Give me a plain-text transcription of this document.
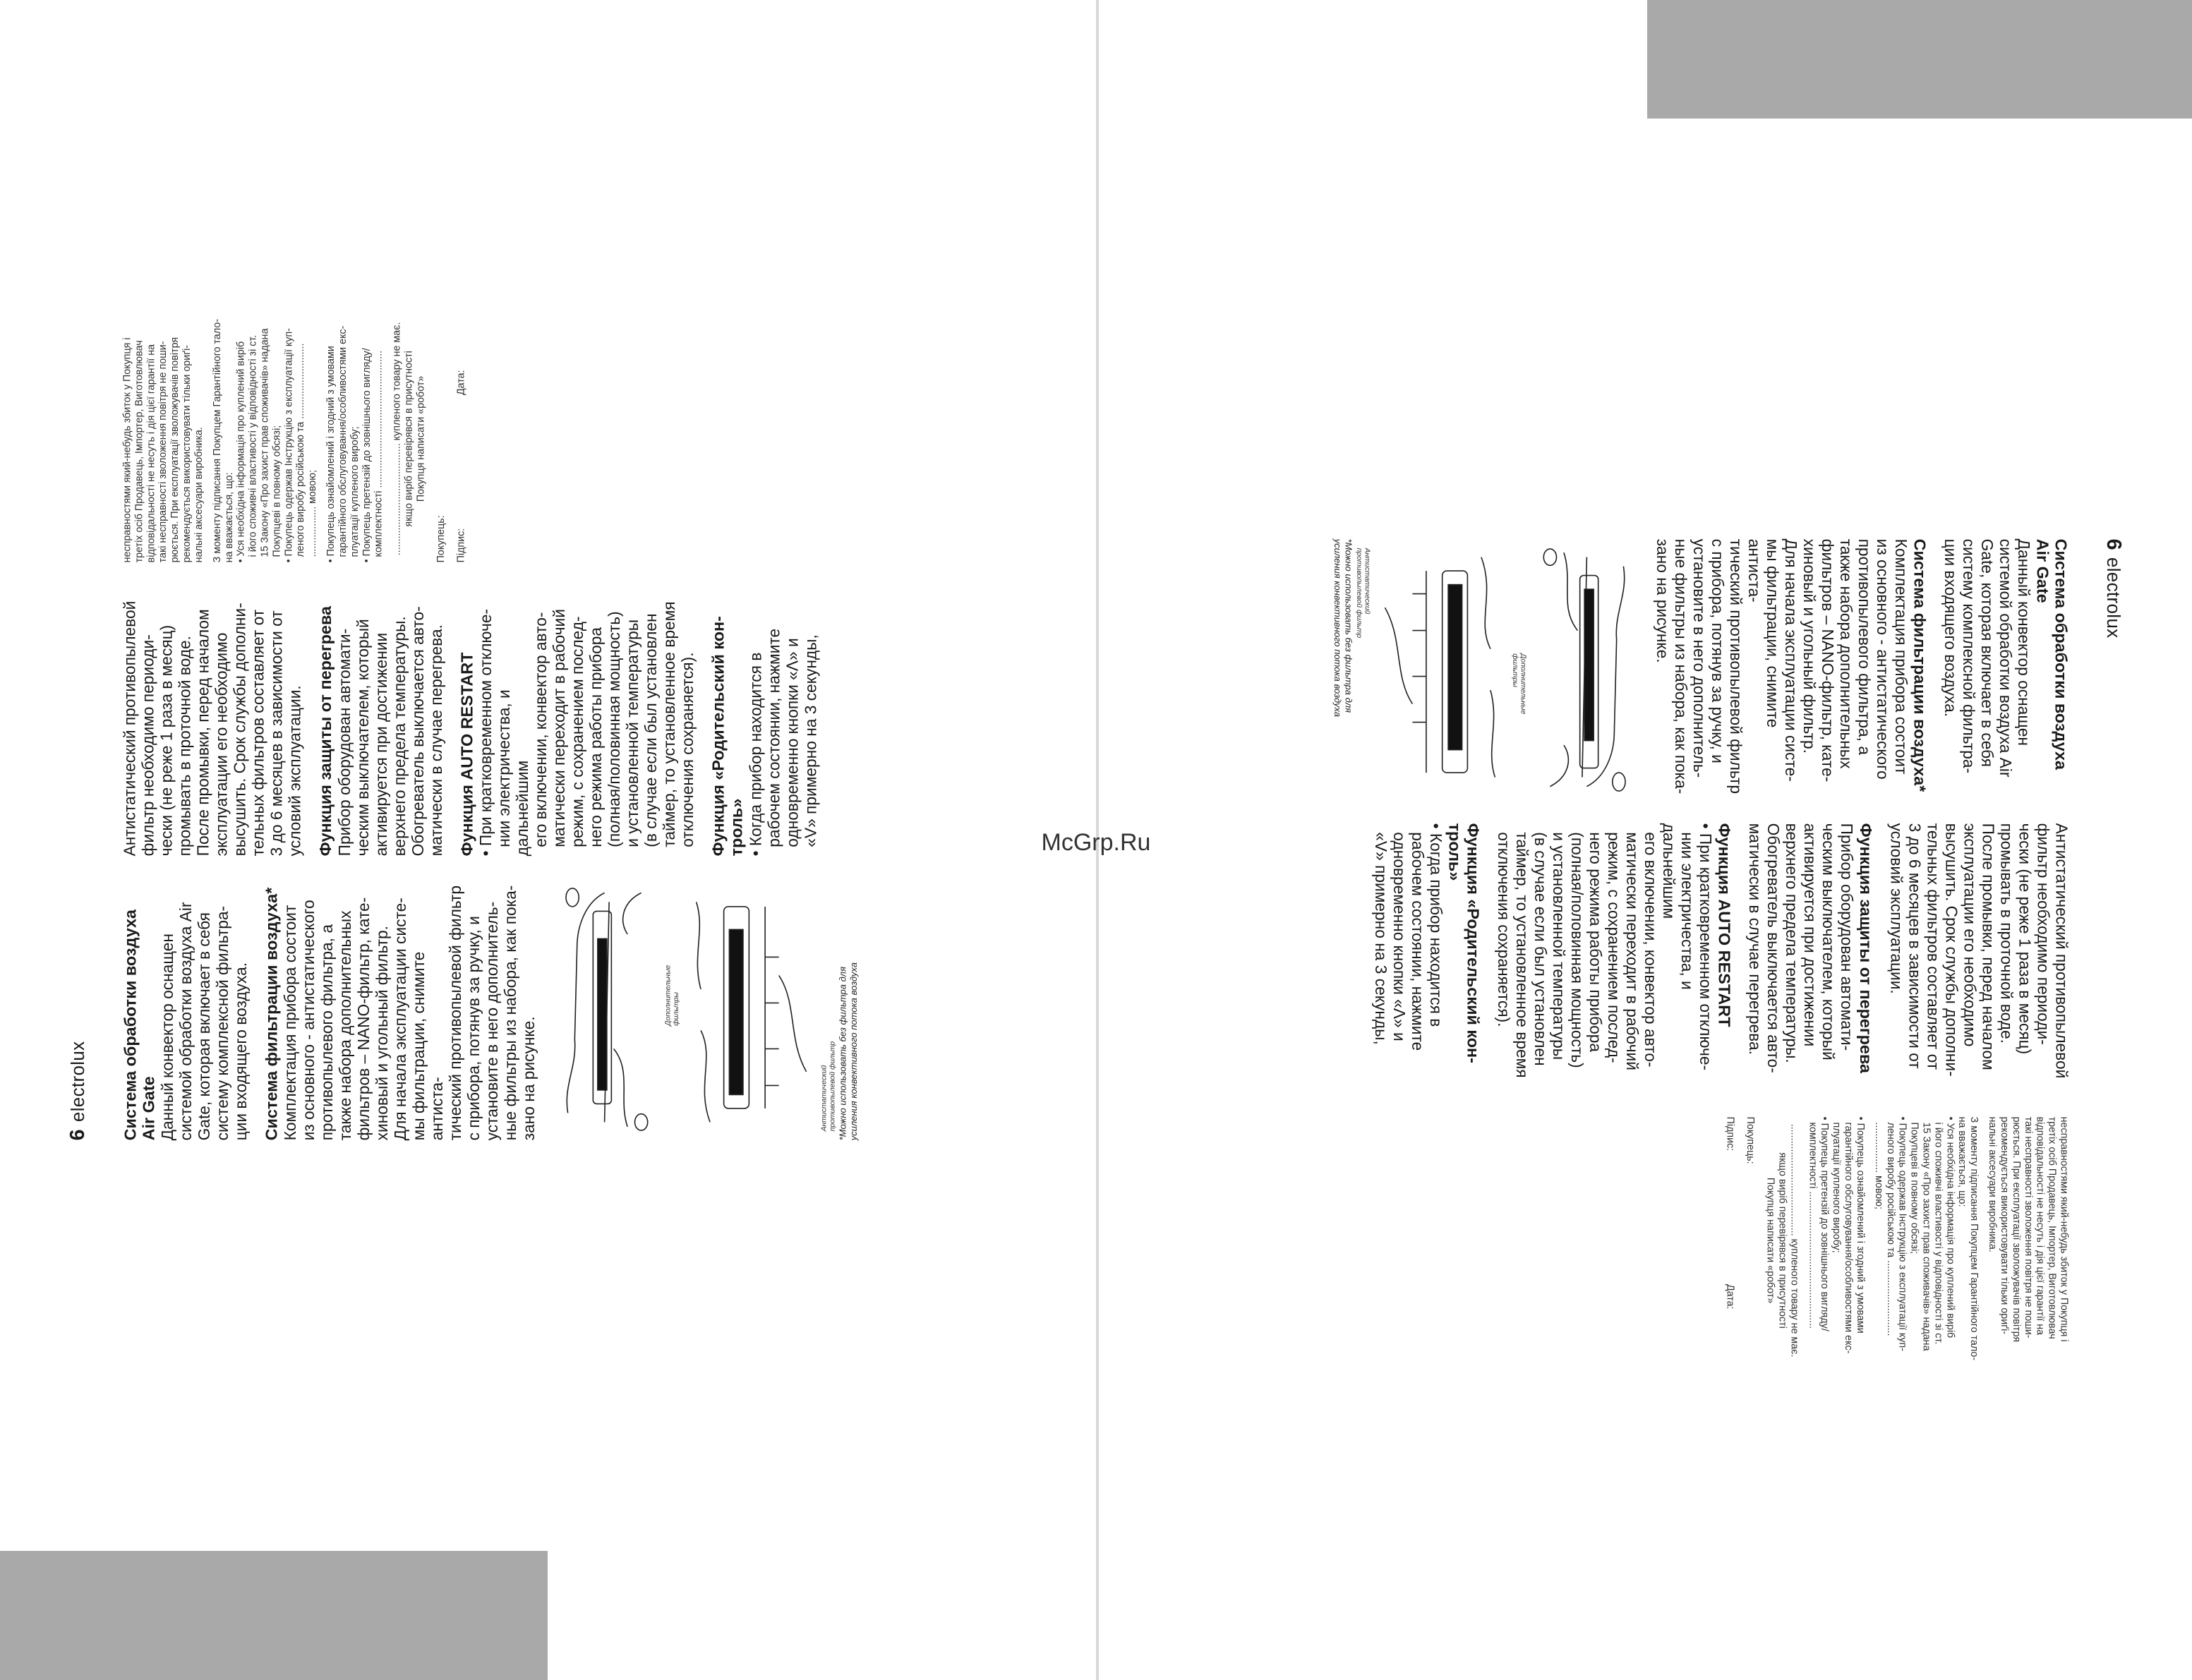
McGrp.Ru
6
electrolux Система обработки воздуха Air Gate Данный конвектор оснащен
системой обработки воздуха Air
Gate, которая включает в себя
систему комплексной фильтра-
ции входящего воздуха. Система фильтрации воздуха* Комплектация прибора состоит
из основного - антистатического
противопылевого фильтра, а
также набора дополнительных
фильтров – NANO-фильтр, кате-
хиновый и угольный фильтр.
Для начала эксплуатации систе-
мы фильтрации, снимите антиста-
тический противопылевой фильтр
с прибора, потянув за ручку, и
установите в него дополнитель-
ные фильтры из набора, как пока-
зано на рисунке.

Дополнительные
фильтры
Антистатический
противопылевой фильтр
*Можно использовать без фильтра для
усиления конвективного потока воздуха

Антистатический противопылевой
фильтр необходимо периоди-
чески (не реже 1 раза в месяц)
промывать в проточной воде.
После промывки, перед началом
эксплуатации его необходимо
высушить. Срок службы дополни-
тельных фильтров составляет от
3 до 6 месяцев в зависимости от
условий эксплуатации. Функция защиты от перегрева Прибор оборудован автомати-
ческим выключателем, который
активируется при достижении
верхнего предела температуры.
Обогреватель выключается авто-
матически в случае перегрева. Функция AUTO RESTART • При кратковременном отключе-
нии электричества, и дальнейшим
его включении, конвектор авто-
матически переходит в рабочий
режим, с сохранением послед-
него режима работы прибора
(полная/половинная мощность)
и установленной температуры
(в случае если был установлен
таймер, то установленное время
отключения сохраняется).

Функция «Родительский кон-
троль» • Когда прибор находится в
рабочем состоянии, нажмите
одновременно кнопки «Λ» и
«V» примерно на 3 секунды,

несправностями який-небудь збиток у Покупця і
третіх осіб Продавець, Імпортер, Виготовлювач
відповідальності не несуть і дія цієї гарантії на
такі несправності зволоження повітря не поши-
рюється. При експлуатації зволожувачів повітря
рекомендується використовувати тільки ориґі-
нальні аксесуари виробника.

З моменту підписання Покупцем Гарантійного тало-
на вважається, що:
• Уся необхідна інформація про куплений виріб
і його споживчі властивості у відповідності зі ст.
15 Закону «Про захист прав споживачів» надана
Покупцеві в повному обсязі;
• Покупець одержав Інструкцію з експлуатації куп-
леного виробу російською та ...........................
.................. мовою;

• Покупець ознайомлений і згодний з умовами
гарантійного обслуговування/особливостями екс-
плуатації купленого виробу;
• Покупець претензій до зовнішнього вигляду/
комплектності .................................................

........................................ купленого товару не має.
якщо виріб перевірявся в присутності
Покупця написати «робот»

Покупець: Підпис:
Дата:
6
electrolux
Система обработки воздуха Air Gate

Данный конвектор оснащен
системой обработки воздуха Air
Gate, которая включает в себя
систему комплексной фильтра-
ции входящего воздуха.

Система фильтрации воздуха*

Комплектация прибора состоит
из основного - антистатического
противопылевого фильтра, а
также набора дополнительных
фильтров – NANO-фильтр, кате-
хиновый и угольный фильтр.
Для начала эксплуатации систе-
мы фильтрации, снимите антиста-
тический противопылевой фильтр
с прибора, потянув за ручку, и
установите в него дополнитель-
ные фильтры из набора, как пока-
зано на рисунке.

Дополнительные
фильтры
Антистатический
противопылевой фильтр
*Можно использовать без фильтра для
усиления конвективного потока воздуха

Антистатический противопылевой
фильтр необходимо периоди-
чески (не реже 1 раза в месяц)
промывать в проточной воде.
После промывки, перед началом
эксплуатации его необходимо
высушить. Срок службы дополни-
тельных фильтров составляет от
3 до 6 месяцев в зависимости от
условий эксплуатации.

Функция защиты от перегрева

Прибор оборудован автомати-
ческим выключателем, который
активируется при достижении
верхнего предела температуры.
Обогреватель выключается авто-
матически в случае перегрева.

Функция AUTO RESTART

• При кратковременном отключе-
нии электричества, и дальнейшим
его включении, конвектор авто-
матически переходит в рабочий
режим, с сохранением послед-
него режима работы прибора
(полная/половинная мощность)
и установленной температуры
(в случае если был установлен
таймер, то установленное время
отключения сохраняется).

Функция «Родительский кон-
троль»

• Когда прибор находится в
рабочем состоянии, нажмите
одновременно кнопки «Λ» и
«V» примерно на 3 секунды,

несправностями який-небудь збиток у Покупця і
третіх осіб Продавець, Імпортер, Виготовлювач
відповідальності не несуть і дія цієї гарантії на
такі несправності зволоження повітря не поши-
рюється. При експлуатації зволожувачів повітря
рекомендується використовувати тільки ориґі-
нальні аксесуари виробника.

З моменту підписання Покупцем Гарантійного тало-
на вважається, що:
• Уся необхідна інформація про куплений виріб
і його споживчі властивості у відповідності зі ст.
15 Закону «Про захист прав споживачів» надана
Покупцеві в повному обсязі;
• Покупець одержав Інструкцію з експлуатації куп-
леного виробу російською та ...........................
.................. мовою;

• Покупець ознайомлений і згодний з умовами
гарантійного обслуговування/особливостями екс-
плуатації купленого виробу;
• Покупець претензій до зовнішнього вигляду/
комплектності .................................................

........................................ купленого товару не має.
якщо виріб перевірявся в присутності
Покупця написати «робот»

Покупець:
Підпис:
Дата:
